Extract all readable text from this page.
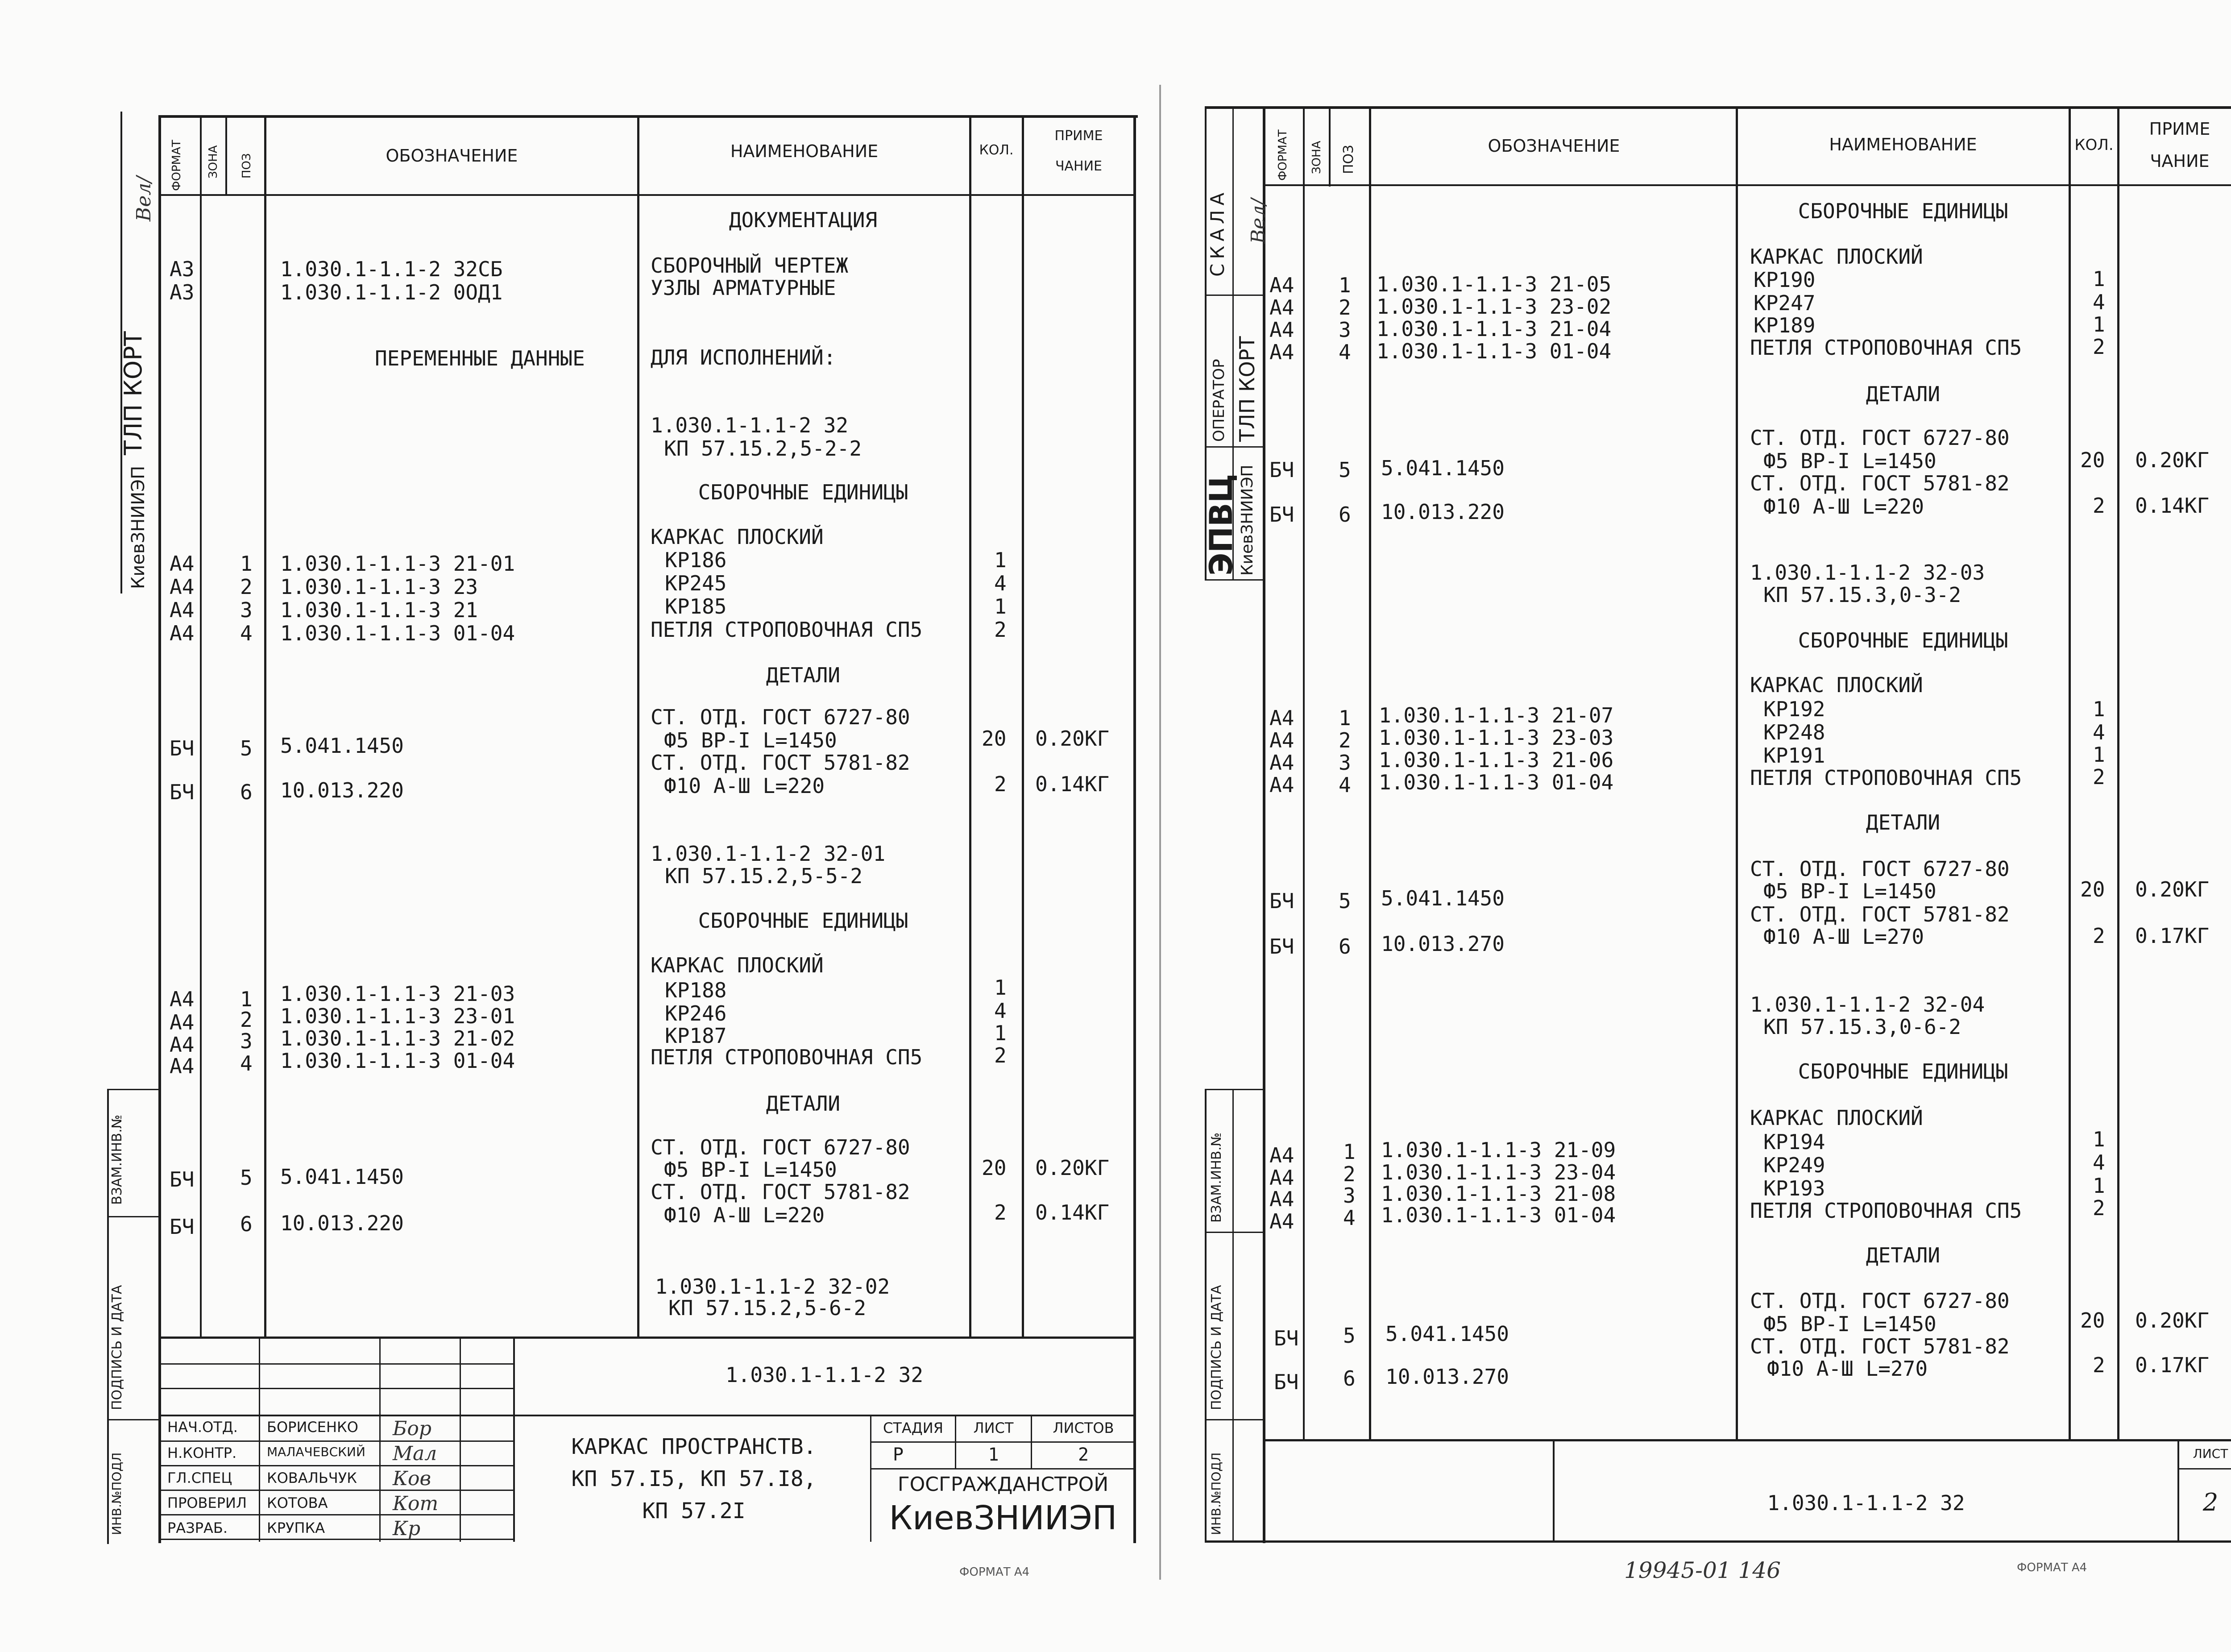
КиевЗНИИЭП
ТЛП КОРТ
Вел/
ВЗАМ.ИНВ.№
ПОДПИСЬ И ДАТА
ИНВ.№ПОДЛ
ФОРМАТ ЗОНА ПОЗ	ОБОЗНАЧЕНИЕ	НАИМЕНОВАНИЕ	КОЛ.
ПРИМЕ
ЧАНИЕ
ДОКУМЕНТАЦИЯ
А3	1.030.1-1.1-2 32СБ	СБОРОЧНЫЙ ЧЕРТЕЖ
А3	1.030.1-1.1-2 0ОД1	УЗЛЫ АРМАТУРНЫЕ
ПЕРЕМЕННЫЕ ДАННЫЕ	ДЛЯ ИСПОЛНЕНИЙ:
1.030.1-1.1-2 32
КП 57.15.2,5-2-2
СБОРОЧНЫЕ ЕДИНИЦЫ
КАРКАС ПЛОСКИЙ
А4 1 1.030.1-1.1-3 21-01	КР186	1
А4 2 1.030.1-1.1-3 23	КР245	4
А4 3 1.030.1-1.1-3 21	КР185	1
А4 4 1.030.1-1.1-3 01-04	ПЕТЛЯ СТРОПОВОЧНАЯ СП5	2
ДЕТАЛИ
СТ. ОТД. ГОСТ 6727-80
БЧ 5 5.041.1450	Ф5 ВР-I L=1450	20 0.20КГ
СТ. ОТД. ГОСТ 5781-82
БЧ 6 10.013.220	Ф10 А-Ш L=220	2 0.14КГ
1.030.1-1.1-2 32-01
КП 57.15.2,5-5-2
СБОРОЧНЫЕ ЕДИНИЦЫ
КАРКАС ПЛОСКИЙ
А4 1 1.030.1-1.1-3 21-03	КР188	1
А4 2 1.030.1-1.1-3 23-01	КР246	4
А4 3 1.030.1-1.1-3 21-02	КР187	1
А4 4 1.030.1-1.1-3 01-04	ПЕТЛЯ СТРОПОВОЧНАЯ СП5	2
ДЕТАЛИ
СТ. ОТД. ГОСТ 6727-80
БЧ 5 5.041.1450	Ф5 ВР-I L=1450	20 0.20КГ
СТ. ОТД. ГОСТ 5781-82
БЧ 6 10.013.220	Ф10 А-Ш L=220	2 0.14КГ
1.030.1-1.1-2 32-02
КП 57.15.2,5-6-2
1.030.1-1.1-2 32
НАЧ.ОТД. БОРИСЕНКО
Н.КОНТР. МАЛАЧЕВСКИЙ
ГЛ.СПЕЦ КОВАЛЬЧУК
ПРОВЕРИЛ КОТОВА
РАЗРАБ.	КРУПКА
Бор
Мал
Ков
Кот
Кр
КАРКАС ПРОСТРАНСТВ.
КП 57.I5, КП 57.I8,
КП 57.2I
СТАДИЯ	ЛИСТ	ЛИСТОВ
Р	1	2
ГОСГРАЖДАНСТРОЙ
КиевЗНИИЭП
ФОРМАТ А4
ЭПВЦ
КиевЗНИИЭП
ОПЕРАТОР ТЛП КОРТ
СКАЛА Вел/
ВЗАМ.ИНВ.№
ПОДПИСЬ И ДАТА
ИНВ.№ПОДЛ
ФОРМАТ ЗОНА ПОЗ	ОБОЗНАЧЕНИЕ	НАИМЕНОВАНИЕ	КОЛ.
ПРИМЕ
ЧАНИЕ
СБОРОЧНЫЕ ЕДИНИЦЫ
КАРКАС ПЛОСКИЙ
А4 1 1.030.1-1.1-3 21-05	КР190	1
А4 2 1.030.1-1.1-3 23-02	КР247	4
А4 3 1.030.1-1.1-3 21-04	КР189	1
А4 4 1.030.1-1.1-3 01-04	ПЕТЛЯ СТРОПОВОЧНАЯ СП5	2
ДЕТАЛИ
СТ. ОТД. ГОСТ 6727-80
БЧ 5 5.041.1450	Ф5 ВР-I L=1450	20 0.20КГ
СТ. ОТД. ГОСТ 5781-82
БЧ 6 10.013.220	Ф10 А-Ш L=220	2 0.14КГ
1.030.1-1.1-2 32-03
КП 57.15.3,0-3-2
СБОРОЧНЫЕ ЕДИНИЦЫ
КАРКАС ПЛОСКИЙ
А4 1 1.030.1-1.1-3 21-07	КР192	1
А4 2 1.030.1-1.1-3 23-03	КР248	4
А4 3 1.030.1-1.1-3 21-06	КР191	1
А4 4 1.030.1-1.1-3 01-04	ПЕТЛЯ СТРОПОВОЧНАЯ СП5	2
ДЕТАЛИ
СТ. ОТД. ГОСТ 6727-80
БЧ 5 5.041.1450	Ф5 ВР-I L=1450	20 0.20КГ
СТ. ОТД. ГОСТ 5781-82
БЧ 6 10.013.270	Ф10 А-Ш L=270	2 0.17КГ
1.030.1-1.1-2 32-04
КП 57.15.3,0-6-2
СБОРОЧНЫЕ ЕДИНИЦЫ
КАРКАС ПЛОСКИЙ
А4 1 1.030.1-1.1-3 21-09	КР194	1
А4 2 1.030.1-1.1-3 23-04	КР249	4
А4 3 1.030.1-1.1-3 21-08	КР193	1
А4 4 1.030.1-1.1-3 01-04	ПЕТЛЯ СТРОПОВОЧНАЯ СП5	2
ДЕТАЛИ
СТ. ОТД. ГОСТ 6727-80
БЧ 5 5.041.1450	Ф5 ВР-I L=1450	20 0.20КГ
СТ. ОТД. ГОСТ 5781-82
БЧ 6 10.013.270	Ф10 А-Ш L=270	2 0.17КГ
1.030.1-1.1-2 32
ЛИСТ
2
19945-01 146	ФОРМАТ А4
